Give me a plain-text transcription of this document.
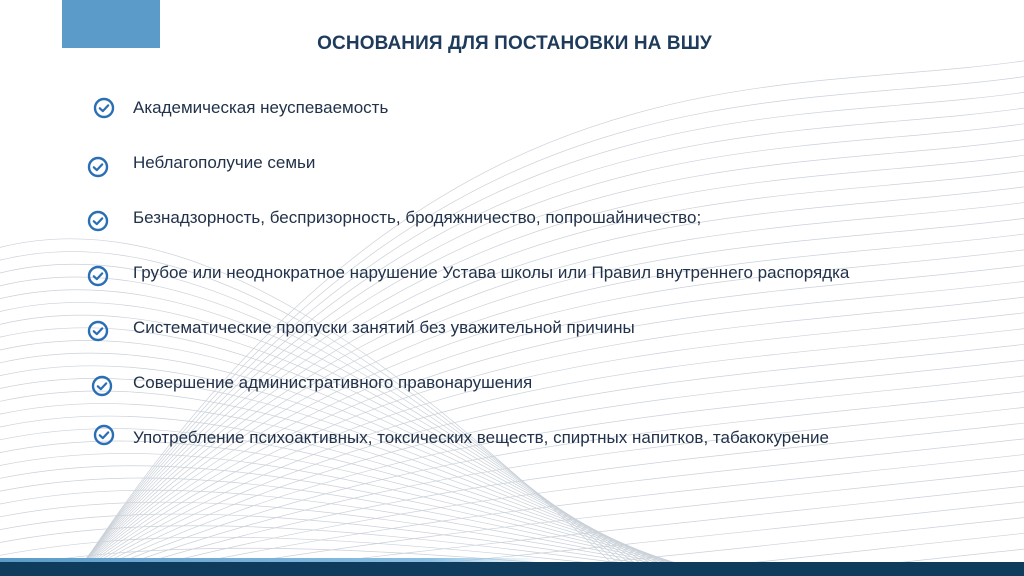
ОСНОВАНИЯ ДЛЯ ПОСТАНОВКИ НА ВШУ
Академическая неуспеваемость
Неблагополучие семьи
Безнадзорность, беспризорность, бродяжничество, попрошайничество;
Грубое или неоднократное нарушение Устава школы или Правил внутреннего распорядка
Систематические пропуски занятий без уважительной причины
Совершение административного правонарушения
Употребление психоактивных, токсических веществ, спиртных напитков, табакокурение
